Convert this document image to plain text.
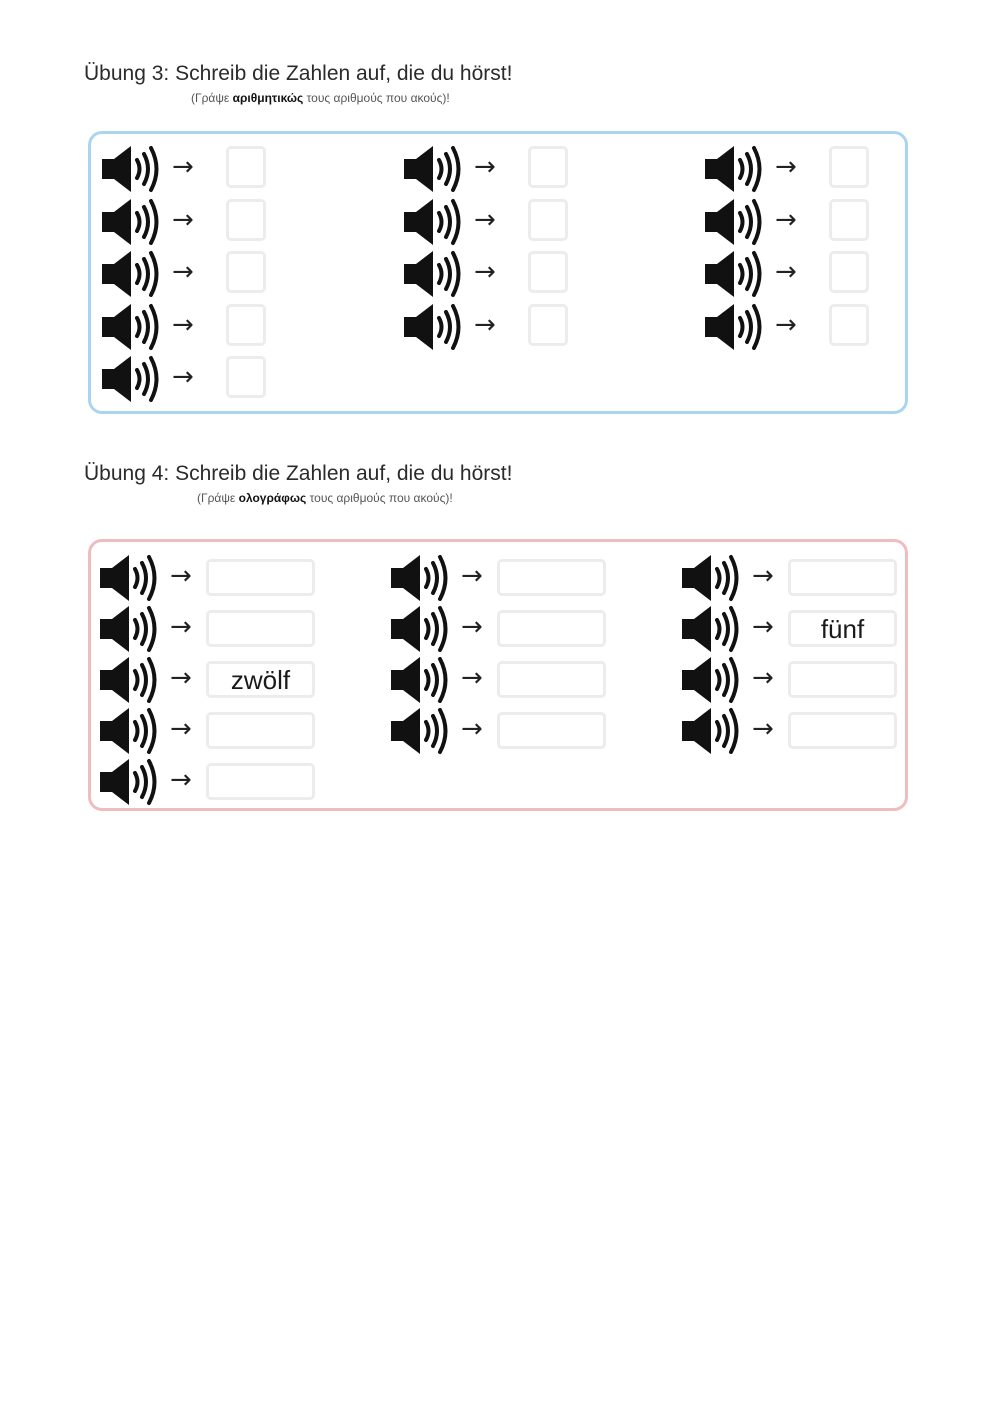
Übung 3: Schreib die Zahlen auf, die du hörst!
(Γράψε αριθμητικώς τους αριθμούς που ακούς)!
Übung 4: Schreib die Zahlen auf, die du hörst!
(Γράψε ολογράφως τους αριθμούς που ακούς)!
→
→
→
→
→
→
→
→
→
→
→
→
→
→
→
→	zwölf
→
→
→
→
→
→
→
→	fünf
→
→
